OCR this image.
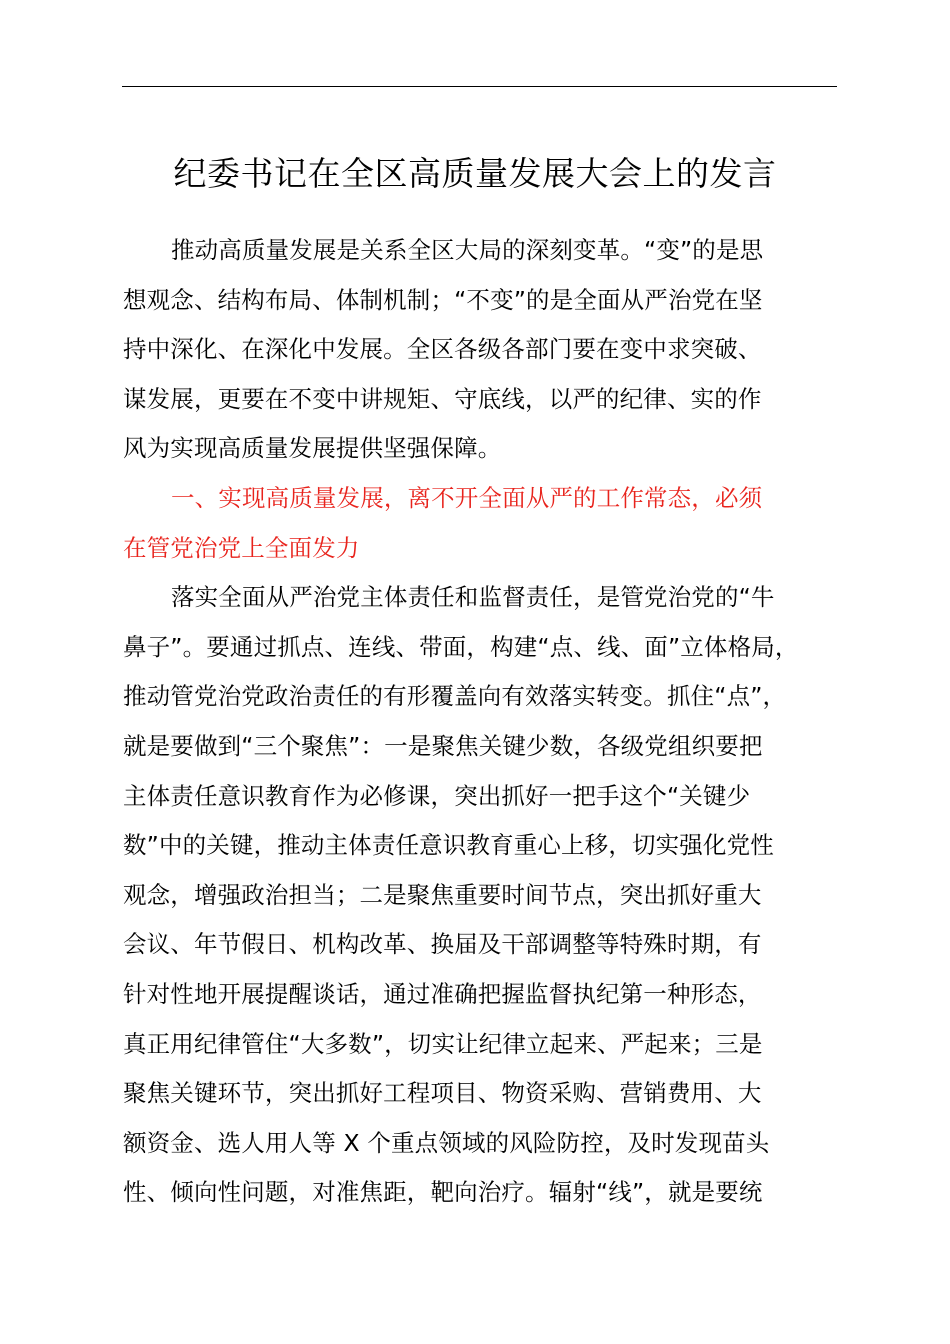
纪委书记在全区高质量发展大会上的发言
推动高质量发展是关系全区大局的深刻变革。“变”的是思
想观念、结构布局、体制机制；“不变”的是全面从严治党在坚
持中深化、在深化中发展。全区各级各部门要在变中求突破、
谋发展，更要在不变中讲规矩、守底线，以严的纪律、实的作
风为实现高质量发展提供坚强保障。
一、实现高质量发展，离不开全面从严的工作常态，必须
在管党治党上全面发力
落实全面从严治党主体责任和监督责任，是管党治党的“牛
鼻子”。要通过抓点、连线、带面，构建“点、线、面”立体格局，
推动管党治党政治责任的有形覆盖向有效落实转变。抓住“点”，
就是要做到“三个聚焦”：一是聚焦关键少数，各级党组织要把
主体责任意识教育作为必修课，突出抓好一把手这个“关键少
数”中的关键，推动主体责任意识教育重心上移，切实强化党性
观念，增强政治担当；二是聚焦重要时间节点，突出抓好重大
会议、年节假日、机构改革、换届及干部调整等特殊时期，有
针对性地开展提醒谈话，通过准确把握监督执纪第一种形态，
真正用纪律管住“大多数”，切实让纪律立起来、严起来；三是
聚焦关键环节，突出抓好工程项目、物资采购、营销费用、大
额资金、选人用人等 X 个重点领域的风险防控，及时发现苗头
性、倾向性问题，对准焦距，靶向治疗。辐射“线”，就是要统
